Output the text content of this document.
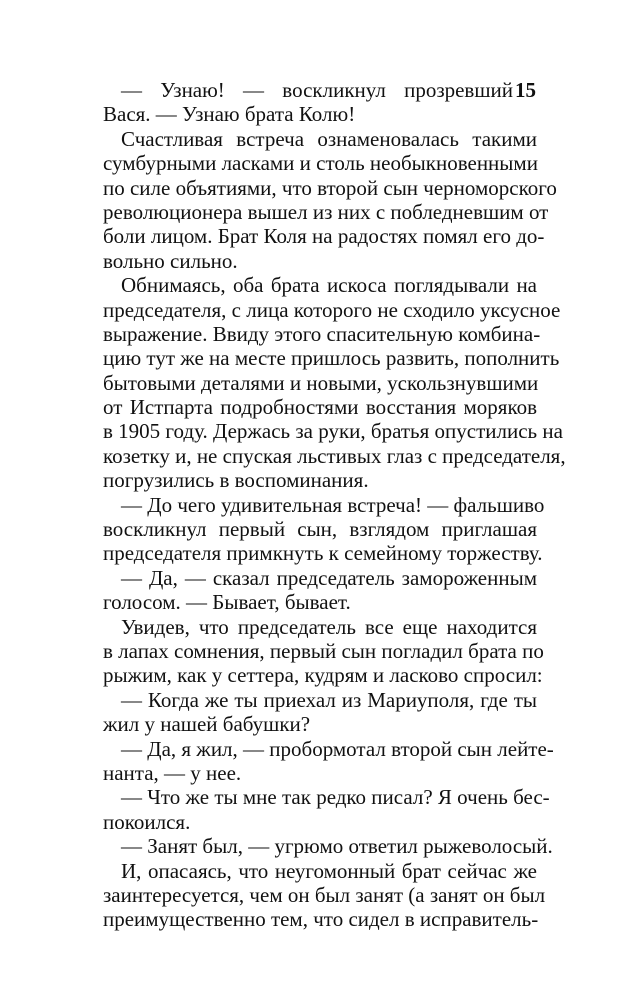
15
— Узнаю! — воскликнул прозревший
Вася. — Узнаю брата Колю!
Счастливая встреча ознаменовалась такими
сумбурными ласками и столь необыкновенными
по силе объятиями, что второй сын черноморского
революционера вышел из них с побледневшим от
боли лицом. Брат Коля на радостях помял его до-
вольно сильно.
Обнимаясь, оба брата искоса поглядывали на
председателя, с лица которого не сходило уксусное
выражение. Ввиду этого спасительную комбина-
цию тут же на месте пришлось развить, пополнить
бытовыми деталями и новыми, ускользнувшими
от Истпарта подробностями восстания моряков
в 1905 году. Держась за руки, братья опустились на
козетку и, не спуская льстивых глаз с председателя,
погрузились в воспоминания.
— До чего удивительная встреча! — фальшиво
воскликнул первый сын, взглядом приглашая
председателя примкнуть к семейному торжеству.
— Да, — сказал председатель замороженным
голосом. — Бывает, бывает.
Увидев, что председатель все еще находится
в лапах сомнения, первый сын погладил брата по
рыжим, как у сеттера, кудрям и ласково спросил:
— Когда же ты приехал из Мариуполя, где ты
жил у нашей бабушки?
— Да, я жил, — пробормотал второй сын лейте-
нанта, — у нее.
— Что же ты мне так редко писал? Я очень бес-
покоился.
— Занят был, — угрюмо ответил рыжеволосый.
И, опасаясь, что неугомонный брат сейчас же
заинтересуется, чем он был занят (а занят он был
преимущественно тем, что сидел в исправитель-
